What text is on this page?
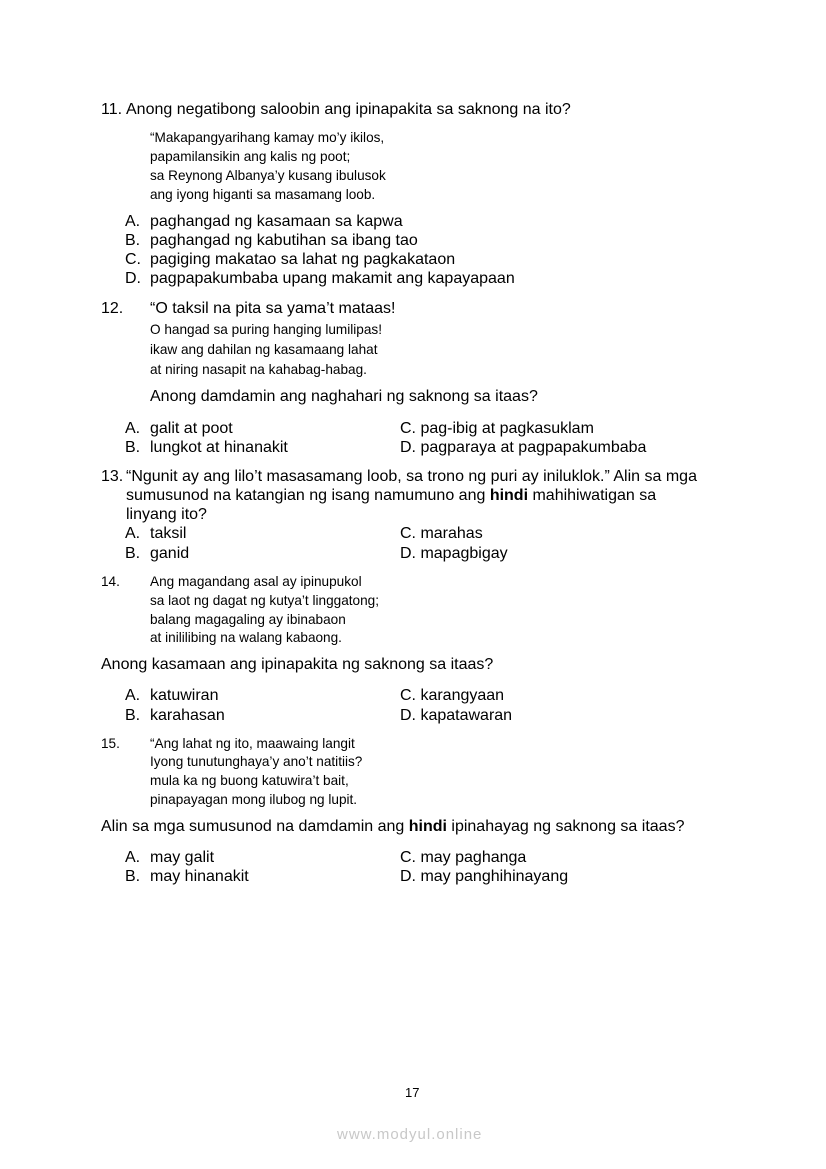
11. Anong negatibong saloobin ang ipinapakita sa saknong na ito?
“Makapangyarihang kamay mo’y ikilos,
papamilansikin ang kalis ng poot;
sa Reynong Albanya’y kusang ibulusok
ang iyong higanti sa masamang loob.
A. paghangad ng kasamaan sa kapwa
B. paghangad ng kabutihan sa ibang tao
C. pagiging makatao sa lahat ng pagkakataon
D. pagpapakumbaba upang makamit ang kapayapaan
12. “O taksil na pita sa yama’t mataas!
O hangad sa puring hanging lumilipas!
ikaw ang dahilan ng kasamaang lahat
at niring nasapit na kahabag-habag.
Anong damdamin ang naghahari ng saknong sa itaas?
A. galit at poot
B. lungkot at hinanakit
C. pag-ibig at pagkasuklam
D. pagparaya at pagpapakumbaba
13. “Ngunit ay ang lilo’t masasamang loob, sa trono ng puri ay iniluklok.” Alin sa mga
sumusunod na katangian ng isang namumuno ang hindi mahihiwatigan sa
linyang ito?
A. taksil
B. ganid
C. marahas
D. mapagbigay
14. Ang magandang asal ay ipinupukol
sa laot ng dagat ng kutya’t linggatong;
balang magagaling ay ibinabaon
at inililibing na walang kabaong.
Anong kasamaan ang ipinapakita ng saknong sa itaas?
A. katuwiran
B. karahasan
C. karangyaan
D. kapatawaran
15. “Ang lahat ng ito, maawaing langit
Iyong tunutunghaya’y ano’t natitiis?
mula ka ng buong katuwira’t bait,
pinapayagan mong ilubog ng lupit.
Alin sa mga sumusunod na damdamin ang hindi ipinahayag ng saknong sa itaas?
A. may galit
B. may hinanakit
C. may paghanga
D. may panghihinayang
17
www.modyul.online
